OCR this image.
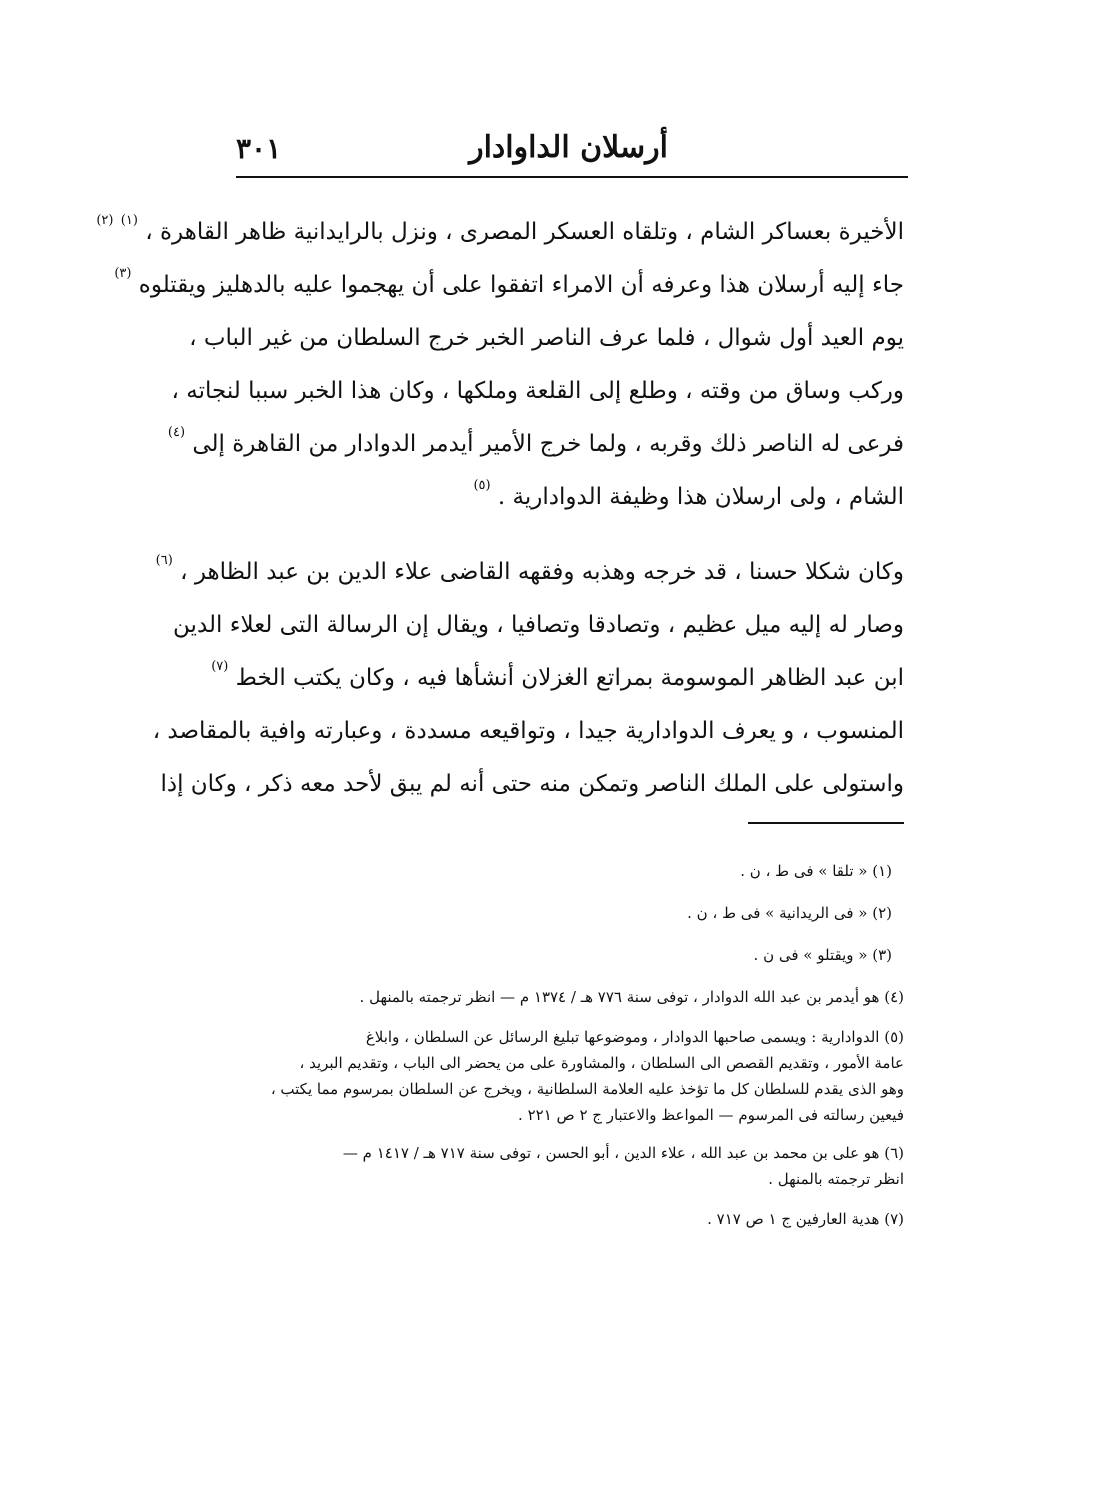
أرسلان الداوادار
٣٠١
الأخيرة بعساكر الشام ، وتلقاه العسكر المصرى ، ونزل بالرايدانية ظاهر القاهرة ، $^{(١)}$ $^{(٢)}$
جاء إليه أرسلان هذا وعرفه أن الامراء اتفقوا على أن يهجموا عليه بالدهليز ويقتلوه $^{(٣)}$
يوم العيد أول شوال ، فلما عرف الناصر الخبر خرج السلطان من غير الباب ،
وركب وساق من وقته ، وطلع إلى القلعة وملكها ، وكان هذا الخبر سببا لنجاته ،
فرعى له الناصر ذلك وقربه ، ولما خرج الأمير أيدمر الدوادار من القاهرة إلى $^{(٤)}$
الشام ، ولى ارسلان هذا وظيفة الدوادارية . $^{(٥)}$
وكان شكلا حسنا ، قد خرجه وهذبه وفقهه القاضى علاء الدين بن عبد الظاهر ، $^{(٦)}$
وصار له إليه ميل عظيم ، وتصادقا وتصافيا ، ويقال إن الرسالة التى لعلاء الدين
ابن عبد الظاهر الموسومة بمراتع الغزلان أنشأها فيه ، وكان يكتب الخط $^{(٧)}$
المنسوب ، و يعرف الدوادارية جيدا ، وتواقيعه مسددة ، وعبارته وافية بالمقاصد ،
واستولى على الملك الناصر وتمكن منه حتى أنه لم يبق لأحد معه ذكر ، وكان إذا
(١) « تلقا » فى ط ، ن .
(٢) « فى الريدانية » فى ط ، ن .
(٣) « ويقتلو » فى ن .
(٤) هو أيدمر بن عبد الله الدوادار ، توفى سنة ٧٧٦ هـ / ١٣٧٤ م — انظر ترجمته بالمنهل .
(٥) الدوادارية : ويسمى صاحبها الدوادار ، وموضوعها تبليغ الرسائل عن السلطان ، وابلاغ
عامة الأمور ، وتقديم القصص الى السلطان ، والمشاورة على من يحضر الى الباب ، وتقديم البريد ،
وهو الذى يقدم للسلطان كل ما تؤخذ عليه العلامة السلطانية ، ويخرج عن السلطان بمرسوم مما يكتب ،
فيعين رسالته فى المرسوم — المواعظ والاعتبار ج ٢ ص ٢٢١ .
(٦) هو على بن محمد بن عبد الله ، علاء الدين ، أبو الحسن ، توفى سنة ٧١٧ هـ / ١٤١٧ م —
انظر ترجمته بالمنهل .
(٧) هدية العارفين ج ١ ص ٧١٧ .
